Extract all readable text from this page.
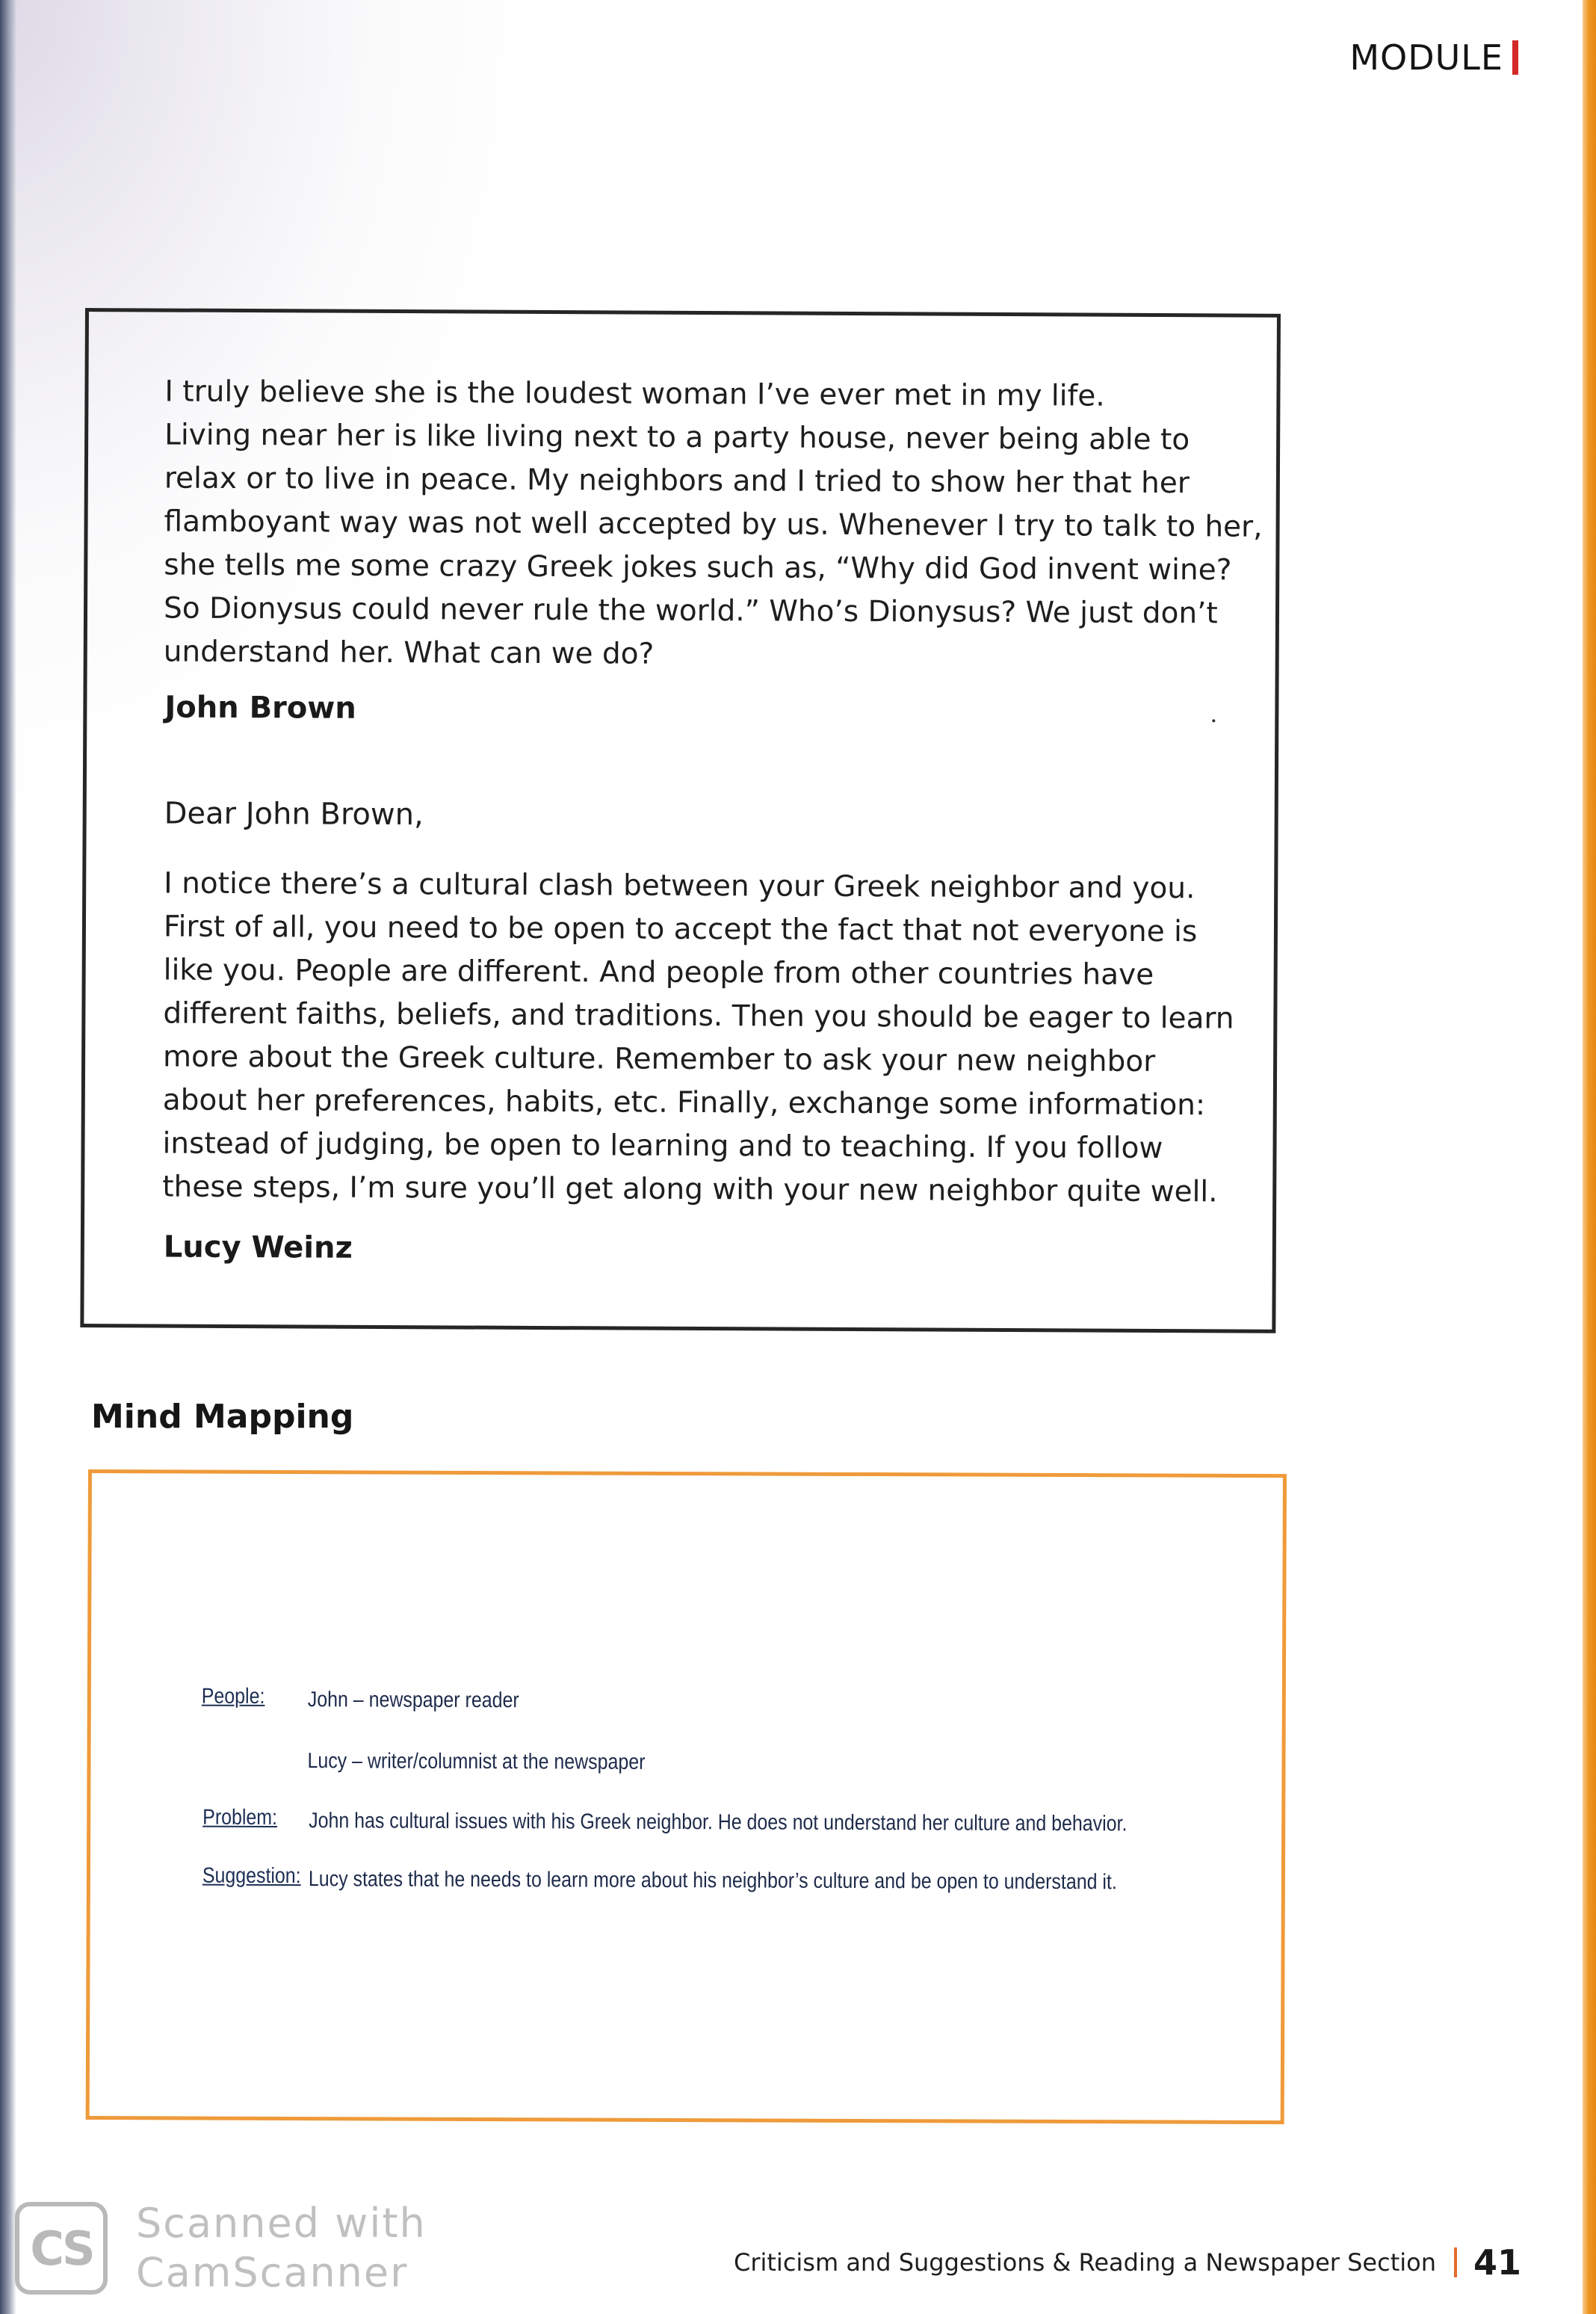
MODULE

I truly believe she is the loudest woman I’ve ever met in my life.

Living near her is like living next to a party house, never being able to

relax or to live in peace. My neighbors and I tried to show her that her

flamboyant way was not well accepted by us. Whenever I try to talk to her,

she tells me some crazy Greek jokes such as, “Why did God invent wine?

So Dionysus could never rule the world.” Who’s Dionysus? We just don’t

understand her. What can we do?

John Brown
Dear John Brown,

I notice there’s a cultural clash between your Greek neighbor and you.

First of all, you need to be open to accept the fact that not everyone is

like you. People are different. And people from other countries have

different faiths, beliefs, and traditions. Then you should be eager to learn

more about the Greek culture. Remember to ask your new neighbor

about her preferences, habits, etc. Finally, exchange some information:

instead of judging, be open to learning and to teaching. If you follow

these steps, I’m sure you’ll get along with your new neighbor quite well.

Lucy Weinz
Mind Mapping
People: John – newspaper reader
Lucy – writer/columnist at the newspaper
Problem: John has cultural issues with his Greek neighbor. He does not understand her culture and behavior.
Suggestion: Lucy states that he needs to learn more about his neighbor’s culture and be open to understand it.
CS	Scanned with
CamScanner	Criticism and Suggestions & Reading a Newspaper Section 41
